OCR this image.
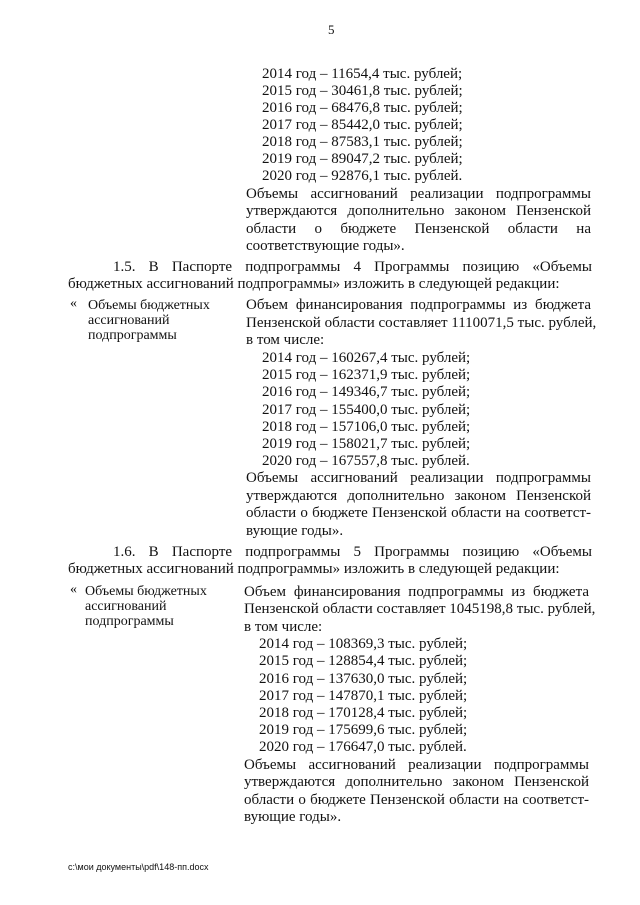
5
2014 год – 11654,4 тыс. рублей;
2015 год – 30461,8 тыс. рублей;
2016 год – 68476,8 тыс. рублей;
2017 год – 85442,0 тыс. рублей;
2018 год – 87583,1 тыс. рублей;
2019 год – 89047,2 тыс. рублей;
2020 год – 92876,1 тыс. рублей.
Объемы ассигнований реализации подпрограммы
утверждаются дополнительно законом Пензенской
области о бюджете Пензенской области на
соответствующие годы».
1.5. В Паспорте подпрограммы 4 Программы позицию «Объемы
бюджетных ассигнований подпрограммы» изложить в следующей редакции:
« Объемы бюджетных
ассигнований
подпрограммы
Объем финансирования подпрограммы из бюджета
Пензенской области составляет 1110071,5 тыс. рублей,
в том числе:
2014 год – 160267,4 тыс. рублей;
2015 год – 162371,9 тыс. рублей;
2016 год – 149346,7 тыс. рублей;
2017 год – 155400,0 тыс. рублей;
2018 год – 157106,0 тыс. рублей;
2019 год – 158021,7 тыс. рублей;
2020 год – 167557,8 тыс. рублей.
Объемы ассигнований реализации подпрограммы
утверждаются дополнительно законом Пензенской
области о бюджете Пензенской области на соответст-
вующие годы».
1.6. В Паспорте подпрограммы 5 Программы позицию «Объемы
бюджетных ассигнований подпрограммы» изложить в следующей редакции:
« Объемы бюджетных
ассигнований
подпрограммы
Объем финансирования подпрограммы из бюджета
Пензенской области составляет 1045198,8 тыс. рублей,
в том числе:
2014 год – 108369,3 тыс. рублей;
2015 год – 128854,4 тыс. рублей;
2016 год – 137630,0 тыс. рублей;
2017 год – 147870,1 тыс. рублей;
2018 год – 170128,4 тыс. рублей;
2019 год – 175699,6 тыс. рублей;
2020 год – 176647,0 тыс. рублей.
Объемы ассигнований реализации подпрограммы
утверждаются дополнительно законом Пензенской
области о бюджете Пензенской области на соответст-
вующие годы».
c:\мои документы\pdf\148-пп.docx
